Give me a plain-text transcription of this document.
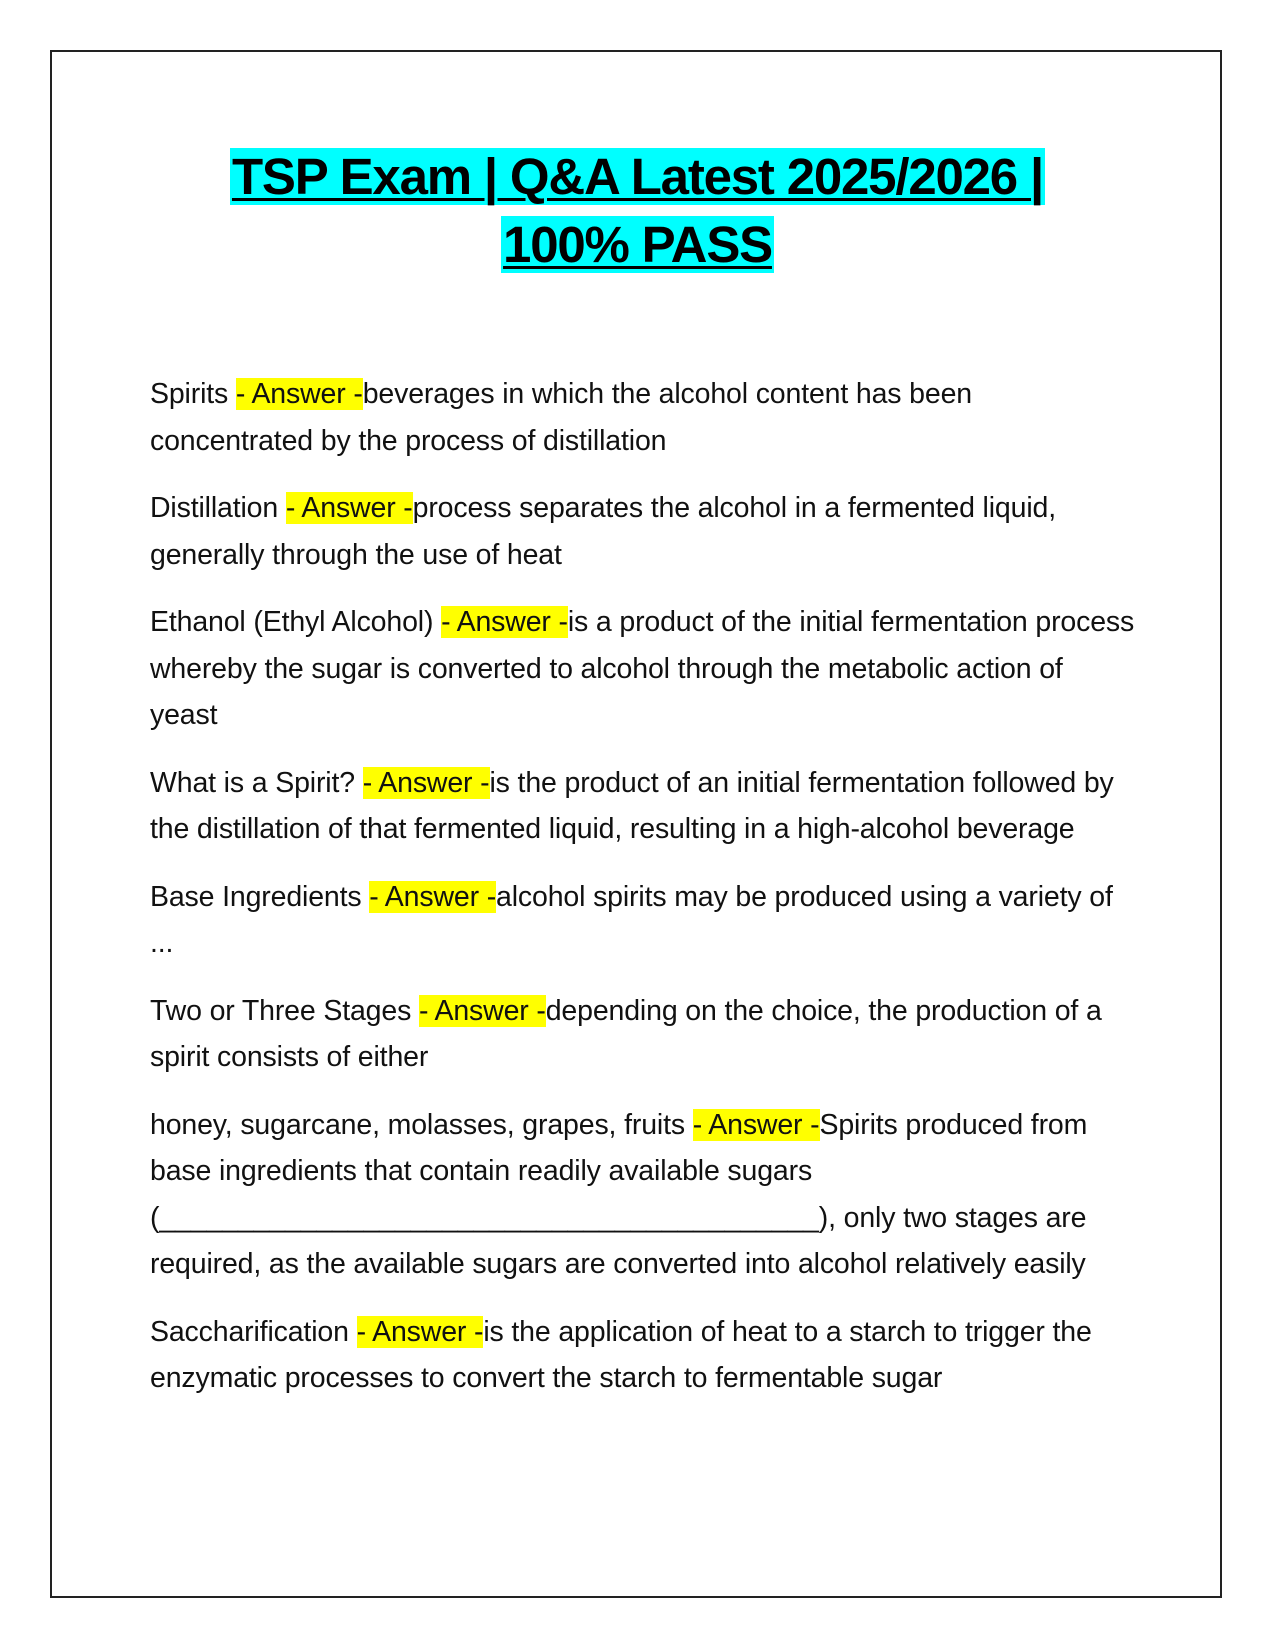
TSP Exam | Q&A Latest 2025/2026 |
100% PASS

Spirits - Answer -beverages in which the alcohol content has been concentrated by the process of distillation

Distillation - Answer -process separates the alcohol in a fermented liquid, generally through the use of heat

Ethanol (Ethyl Alcohol) - Answer -is a product of the initial fermentation process whereby the sugar is converted to alcohol through the metabolic action of yeast

What is a Spirit? - Answer -is the product of an initial fermentation followed by the distillation of that fermented liquid, resulting in a high-alcohol beverage

Base Ingredients - Answer -alcohol spirits may be produced using a variety of ...

Two or Three Stages - Answer -depending on the choice, the production of a spirit consists of either

honey, sugarcane, molasses, grapes, fruits - Answer -Spirits produced from base ingredients that contain readily available sugars (__________________________________________), only two stages are required, as the available sugars are converted into alcohol relatively easily

Saccharification - Answer -is the application of heat to a starch to trigger the enzymatic processes to convert the starch to fermentable sugar
